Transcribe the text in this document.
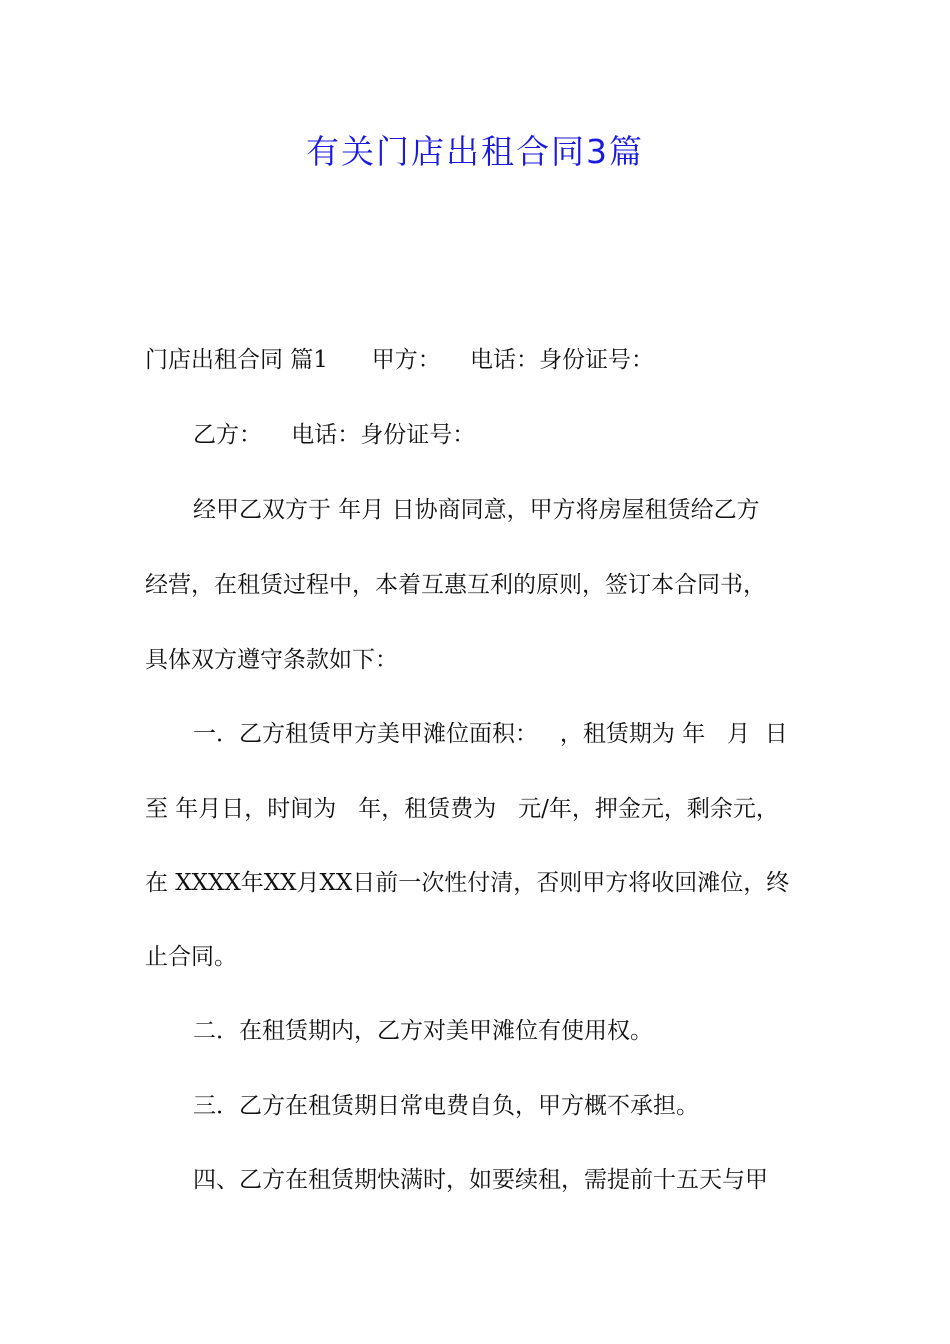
有关门店出租合同3篇

门店出租合同 篇1      甲方：    电话：身份证号：

乙方：    电话：身份证号：

经甲乙双方于 年月 日协商同意，甲方将房屋租赁给乙方

经营，在租赁过程中，本着互惠互利的原则，签订本合同书，

具体双方遵守条款如下：

一．乙方租赁甲方美甲滩位面积：   ，租赁期为 年   月  日

至 年月日，时间为   年，租赁费为   元/年，押金元，剩余元，

在 XXXX年XX月XX日前一次性付清，否则甲方将收回滩位，终

止合同。

二．在租赁期内，乙方对美甲滩位有使用权。

三．乙方在租赁期日常电费自负，甲方概不承担。

四、乙方在租赁期快满时，如要续租，需提前十五天与甲
